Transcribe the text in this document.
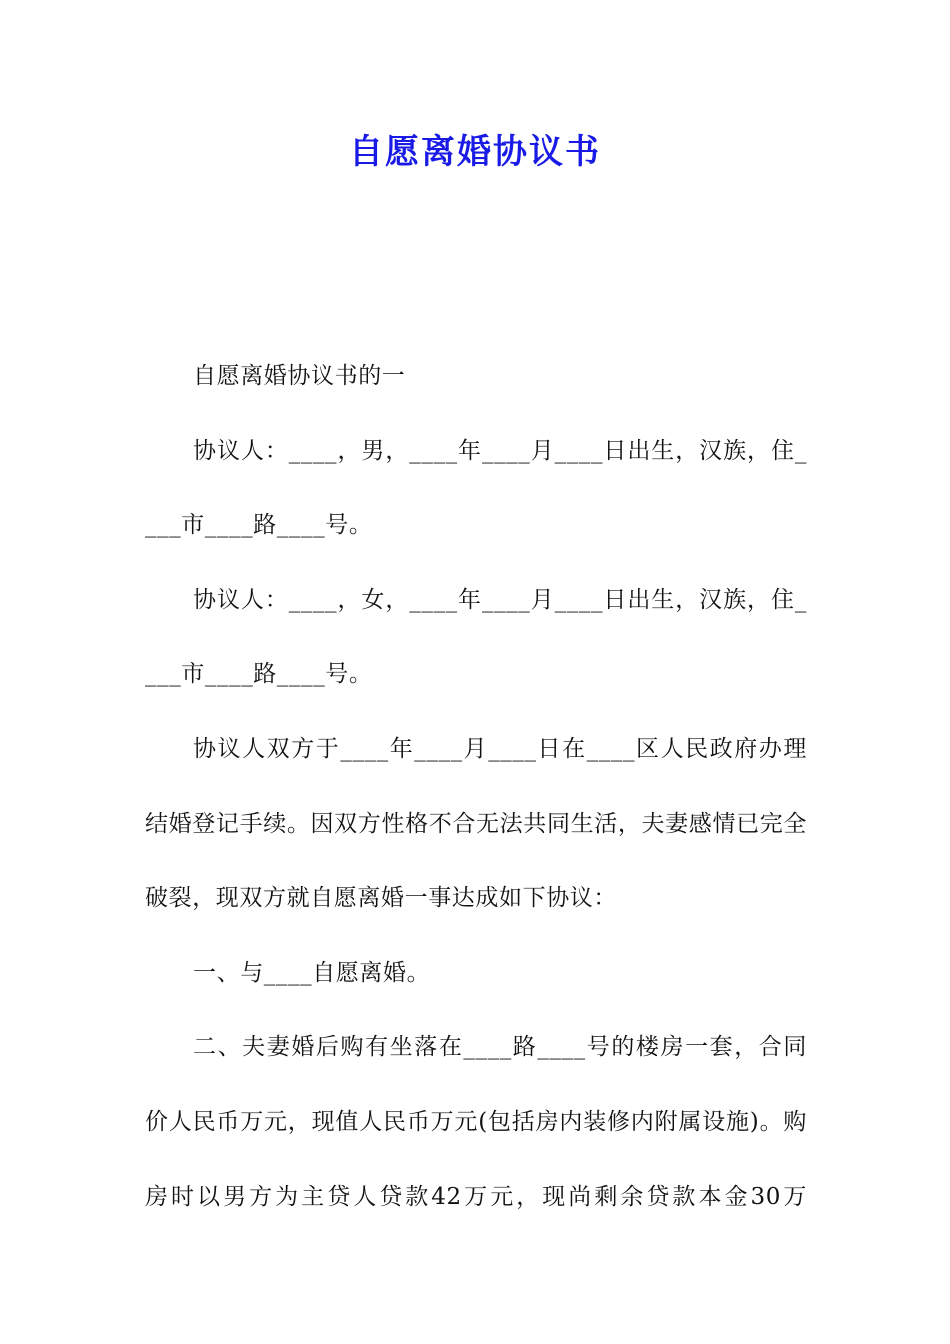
自愿离婚协议书

自愿离婚协议书的一

协议人：____，男，____年____月____日出生，汉族，住____市____路____号。

协议人：____，女，____年____月____日出生，汉族，住____市____路____号。

协议人双方于____年____月____日在____区人民政府办理结婚登记手续。因双方性格不合无法共同生活，夫妻感情已完全破裂，现双方就自愿离婚一事达成如下协议：

一、与____自愿离婚。

二、夫妻婚后购有坐落在____路____号的楼房一套，合同价人民币万元，现值人民币万元(包括房内装修内附属设施)。购房时以男方为主贷人贷款42万元，现尚剩余贷款本金30万
